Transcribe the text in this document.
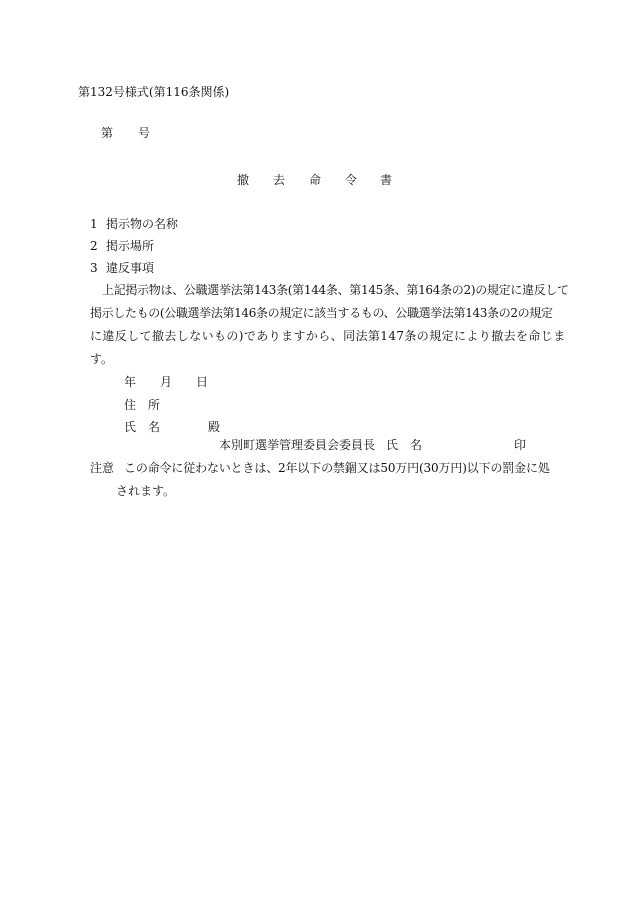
第132号様式(第116条関係)
第 号
撤 去 命 令 書
1 掲示物の名称
2 掲示場所
3 違反事項
上記掲示物は、公職選挙法第143条(第144条、第145条、第164条の2)の規定に違反して
掲示したもの(公職選挙法第146条の規定に該当するもの、公職選挙法第143条の2の規定
に違反して撤去しないもの)でありますから、同法第147条の規定により撤去を命じま
す。
年 月 日
住 所
氏 名	殿
本別町選挙管理委員会委員長 氏 名	印
注意 この命令に従わないときは、2年以下の禁錮又は50万円(30万円)以下の罰金に処
されます。
